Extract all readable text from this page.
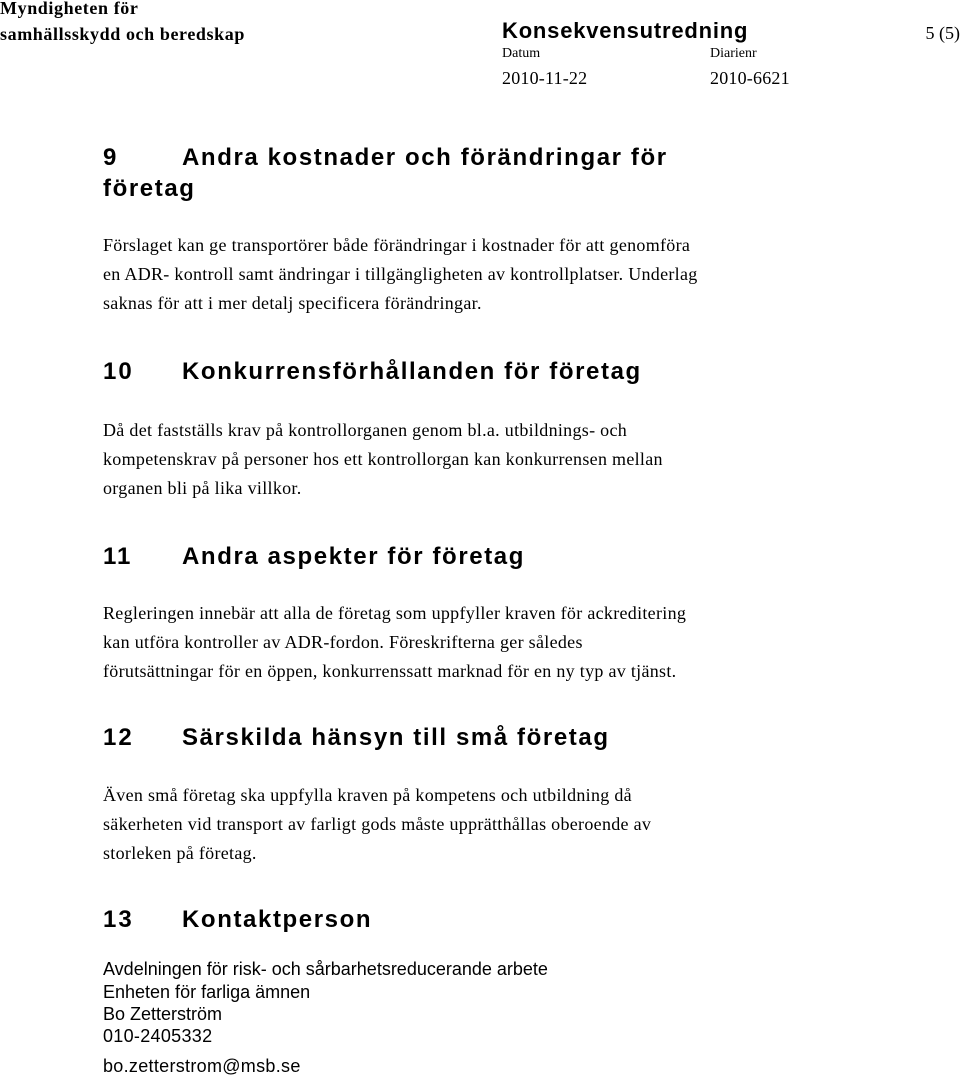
Myndigheten för
samhällsskydd och beredskap	Konsekvensutredning	5 (5)
Datum
2010-11-22
Diarienr
2010-6621
9	Andra kostnader och förändringar för
företag
Förslaget kan ge transportörer både förändringar i kostnader för att genomföra
en ADR- kontroll samt ändringar i tillgängligheten av kontrollplatser. Underlag
saknas för att i mer detalj specificera förändringar.
10 Konkurrensförhållanden för företag
Då det fastställs krav på kontrollorganen genom bl.a. utbildnings- och
kompetenskrav på personer hos ett kontrollorgan kan konkurrensen mellan
organen bli på lika villkor.
11 Andra aspekter för företag
Regleringen innebär att alla de företag som uppfyller kraven för ackreditering
kan utföra kontroller av ADR-fordon. Föreskrifterna ger således
förutsättningar för en öppen, konkurrenssatt marknad för en ny typ av tjänst.
12 Särskilda hänsyn till små företag
Även små företag ska uppfylla kraven på kompetens och utbildning då
säkerheten vid transport av farligt gods måste upprätthållas oberoende av
storleken på företag.
13 Kontaktperson
Avdelningen för risk- och sårbarhetsreducerande arbete
Enheten för farliga ämnen
Bo Zetterström
010-2405332
bo.zetterstrom@msb.se
